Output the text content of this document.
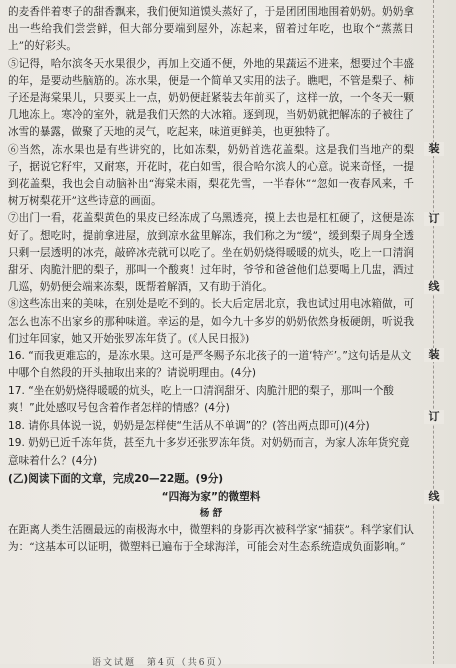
的麦香伴着枣子的甜香飘来，我们便知道馍头蒸好了，于是团团围地围着奶奶。奶奶拿出一些给我们尝尝鲜，但大部分要端到屋外，冻起来，留着过年吃，也取个“蒸蒸日上”的好彩头。

⑤记得，哈尔滨冬天水果很少，再加上交通不便，外地的果蔬运不进来，想要过个丰盛的年，是要动些脑筋的。冻水果，便是一个简单又实用的法子。瞧吧，不管是梨子、柿子还是海棠果儿，只要买上一点，奶奶便赶紧装去年前买了，这样一放，一个冬天一颗几地冻上。寒冷的室外，就是我们天然的大冰箱。逐到现，当奶奶就把解冻的子被往了冰雪的暴露，做聚了天地的灵气，吃起来，味道更鲜美，也更独特了。

⑥当然，冻水果也是有些讲究的，比如冻梨，奶奶首选花盖梨。这是我们当地产的梨子，据说它籽牢，又耐寒，开花时，花白如雪，很合哈尔滨人的心意。说来奇怪，一提到花盖梨，我也会自动脑补出“海棠未雨，梨花先雪，一半春休”“忽如一夜春风来，千树万树梨花开”这些诗意的画面。

⑦出门一看，花盖梨黄色的果皮已经冻成了乌黑透亮，摸上去也是杠杠硬了，这便是冻好了。想吃时，提前拿进屋，放到凉水盆里解冻，我们称之为“缓”，缓到梨子周身全透只剩一层透明的冰壳，敲碎冰壳就可以吃了。坐在奶奶烧得暖暖的炕头，吃上一口清润甜牙、肉脆汁肥的梨子，那叫一个酸爽！过年时，爷爷和爸爸他们总要喝上几盅，酒过几巡，奶奶便会端来冻梨，既帮着解酒，又有助于消化。

⑧这些冻出来的美味，在别处是吃不到的。长大后定居北京，我也试过用电冰箱做，可怎么也冻不出家乡的那种味道。幸运的是，如今九十多岁的奶奶依然身板硬朗，听说我们过年回家，她又开始张罗冻年货了。(《人民日报》)

16. “而我更难忘的，是冻水果。这可是严冬赐予东北孩子的一道‘特产’。”这句话是从文中哪个自然段的开头抽取出来的？请说明理由。(4分)

17. “坐在奶奶烧得暖暖的炕头，吃上一口清润甜牙、肉脆汁肥的梨子，那叫一个酸爽！”此处感叹号包含着作者怎样的情感？(4分)

18. 请你具体说一说，奶奶是怎样使“生活从不单调”的？(答出两点即可)(4分)

19. 奶奶已近千冻年货，甚至九十多岁还张罗冻年货。对奶奶而言，为家人冻年货究竟意味着什么？(4分)

(乙)阅读下面的文章，完成20—22题。(9分)

“四海为家”的微塑料

杨 舒

在距离人类生活圈最远的南极海水中，微塑料的身影再次被科学家“捕获”。科学家们认为：“这基本可以证明，微塑料已遍布于全球海洋，可能会对生态系统造成负面影响。”

装
订
线
装
订
线
语文试题　第4页（共6页）
